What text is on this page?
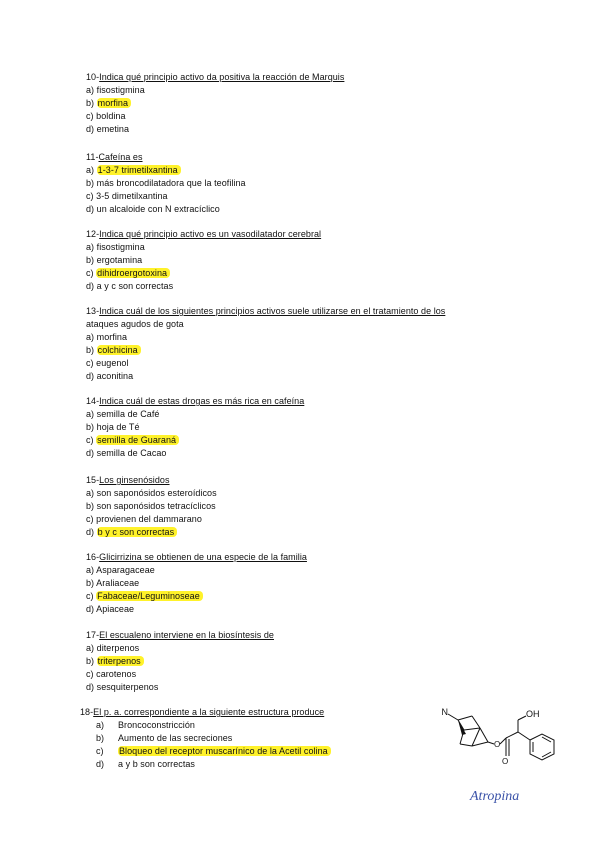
10-Indica qué principio activo da positiva la reacción de Marquis
a) fisostigmina
b) morfina
c) boldina
d) emetina
11-Cafeína es
a) 1-3-7 trimetilxantina
b) más broncodilatadora que la teofilina
c) 3-5 dimetilxantina
d) un alcaloide con N extracíclico
12-Indica qué principio activo es un vasodilatador cerebral
a) fisostigmina
b) ergotamina
c) dihidroergotoxina
d) a y c son correctas
13-Indica cuál de los siguientes principios activos suele utilizarse en el tratamiento de los
ataques agudos de gota
a) morfina
b) colchicina
c) eugenol
d) aconitina
14-Indica cuál de estas drogas es más rica en cafeína
a) semilla de Café
b) hoja de Té
c) semilla de Guaraná
d) semilla de Cacao
15-Los ginsenósidos
a) son saponósidos esteroídicos
b) son saponósidos tetracíclicos
c) provienen del dammarano
d) b y c son correctas
16-Glicirrizina se obtienen de una especie de la familia
a) Asparagaceae
b) Araliaceae
c) Fabaceae/Leguminoseae
d) Apiaceae
17-El escualeno interviene en la biosíntesis de
a) diterpenos
b) triterpenos
c) carotenos
d) sesquiterpenos
18-El p. a. correspondiente a la siguiente estructura produce
a) Broncoconstricción
b) Aumento de las secreciones
c) Bloqueo del receptor muscarínico de la Acetil colina
d) a y b son correctas
O
O
N	OH
Atropina
